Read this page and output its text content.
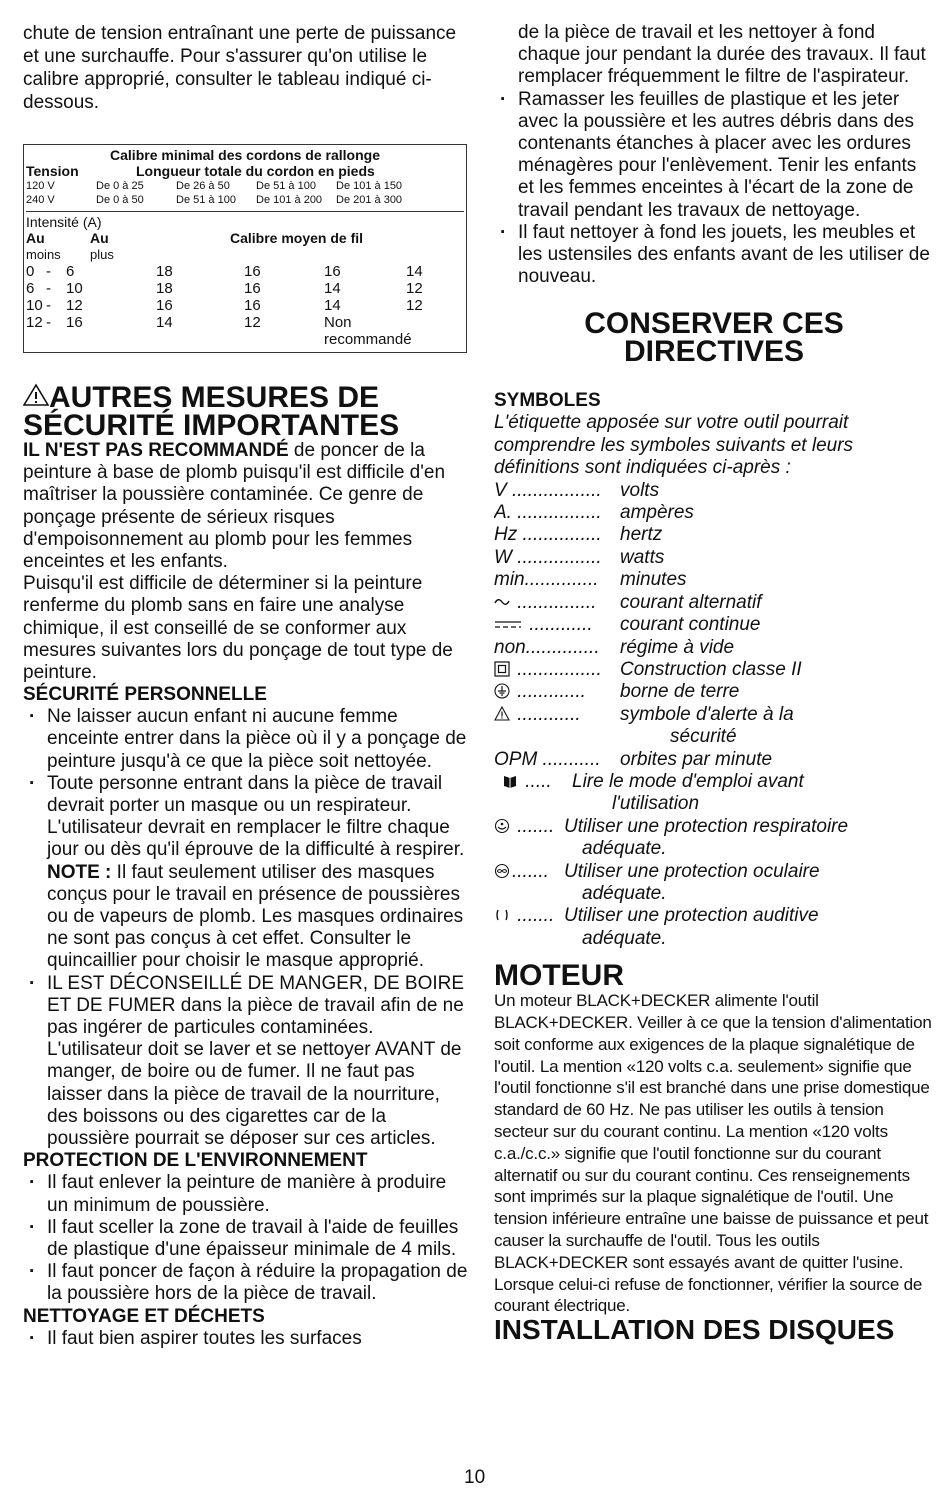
chute de tension entraînant une perte de puissance et une surchauffe. Pour s'assurer qu'on utilise le calibre approprié, consulter le tableau indiqué ci-dessous.

Calibre minimal des cordons de rallonge
Tension	Longueur totale du cordon en pieds
120 V	De 0 à 25	De 26 à 50	De 51 à 100	De 101 à 150
240 V	De 0 à 50	De 51 à 100	De 101 à 200	De 201 à 300
Intensité (A)
Au	Au	Calibre moyen de fil
moins	plus
0 -	6	18	16	16	14
6 -	10	18	16	14	12
10 -	12	16	16	14	12
12 -	16	14	12	Non recommandé
AUTRES MESURES DE
SÉCURITÉ IMPORTANTES

IL N'EST PAS RECOMMANDÉ de poncer de la peinture à base de plomb puisqu'il est difficile d'en maîtriser la poussière contaminée. Ce genre de ponçage présente de sérieux risques d'empoisonnement au plomb pour les femmes enceintes et les enfants.

Puisqu'il est difficile de déterminer si la peinture renferme du plomb sans en faire une analyse chimique, il est conseillé de se conformer aux mesures suivantes lors du ponçage de tout type de peinture.

SÉCURITÉ PERSONNELLE
· Ne laisser aucun enfant ni aucune femme enceinte entrer dans la pièce où il y a ponçage de peinture jusqu'à ce que la pièce soit nettoyée.
· Toute personne entrant dans la pièce de travail devrait porter un masque ou un respirateur. L'utilisateur devrait en remplacer le filtre chaque jour ou dès qu'il éprouve de la difficulté à respirer.

NOTE : Il faut seulement utiliser des masques conçus pour le travail en présence de poussières ou de vapeurs de plomb. Les masques ordinaires ne sont pas conçus à cet effet. Consulter le quincaillier pour choisir le masque approprié.

· IL EST DÉCONSEILLÉ DE MANGER, DE BOIRE ET DE FUMER dans la pièce de travail afin de ne pas ingérer de particules contaminées. L'utilisateur doit se laver et se nettoyer AVANT de manger, de boire ou de fumer. Il ne faut pas laisser dans la pièce de travail de la nourriture, des boissons ou des cigarettes car de la poussière pourrait se déposer sur ces articles.
PROTECTION DE L'ENVIRONNEMENT
· Il faut enlever la peinture de manière à produire un minimum de poussière.
· Il faut sceller la zone de travail à l'aide de feuilles de plastique d'une épaisseur minimale de 4 mils.
· Il faut poncer de façon à réduire la propagation de la poussière hors de la pièce de travail.
NETTOYAGE ET DÉCHETS
· Il faut bien aspirer toutes les surfaces

de la pièce de travail et les nettoyer à fond chaque jour pendant la durée des travaux. Il faut remplacer fréquemment le filtre de l'aspirateur.

· Ramasser les feuilles de plastique et les jeter avec la poussière et les autres débris dans des contenants étanches à placer avec les ordures ménagères pour l'enlèvement. Tenir les enfants et les femmes enceintes à l'écart de la zone de travail pendant les travaux de nettoyage.
· Il faut nettoyer à fond les jouets, les meubles et les ustensiles des enfants avant de les utiliser de nouveau.
CONSERVER CES
DIRECTIVES
SYMBOLES

L'étiquette apposée sur votre outil pourrait comprendre les symboles suivants et leurs définitions sont indiquées ci-après :

V ................. volts
A. ................ ampères
Hz ............... hertz
W ................ watts
min..............	minutes
...............	courant alternatif
............	courant continue
non..............	régime à vide
................ Construction classe II
.............	borne de terre
............	symbole d'alerte à la
sécurité
OPM ...........	orbites par minute
.....	Lire le mode d'emploi avant
l'utilisation
....... Utiliser une protection respiratoire
adéquate.
....... Utiliser une protection oculaire
adéquate.
....... Utiliser une protection auditive
adéquate.
MOTEUR

Un moteur BLACK+DECKER alimente l'outil BLACK+DECKER. Veiller à ce que la tension d'alimentation soit conforme aux exigences de la plaque signalétique de l'outil. La mention «120 volts c.a. seulement» signifie que l'outil fonctionne s'il est branché dans une prise domestique standard de 60 Hz. Ne pas utiliser les outils à tension secteur sur du courant continu. La mention «120 volts c.a./c.c.» signifie que l'outil fonctionne sur du courant alternatif ou sur du courant continu. Ces renseignements sont imprimés sur la plaque signalétique de l'outil. Une tension inférieure entraîne une baisse de puissance et peut causer la surchauffe de l'outil. Tous les outils BLACK+DECKER sont essayés avant de quitter l'usine. Lorsque celui-ci refuse de fonctionner, vérifier la source de courant électrique.

INSTALLATION DES DISQUES
10
